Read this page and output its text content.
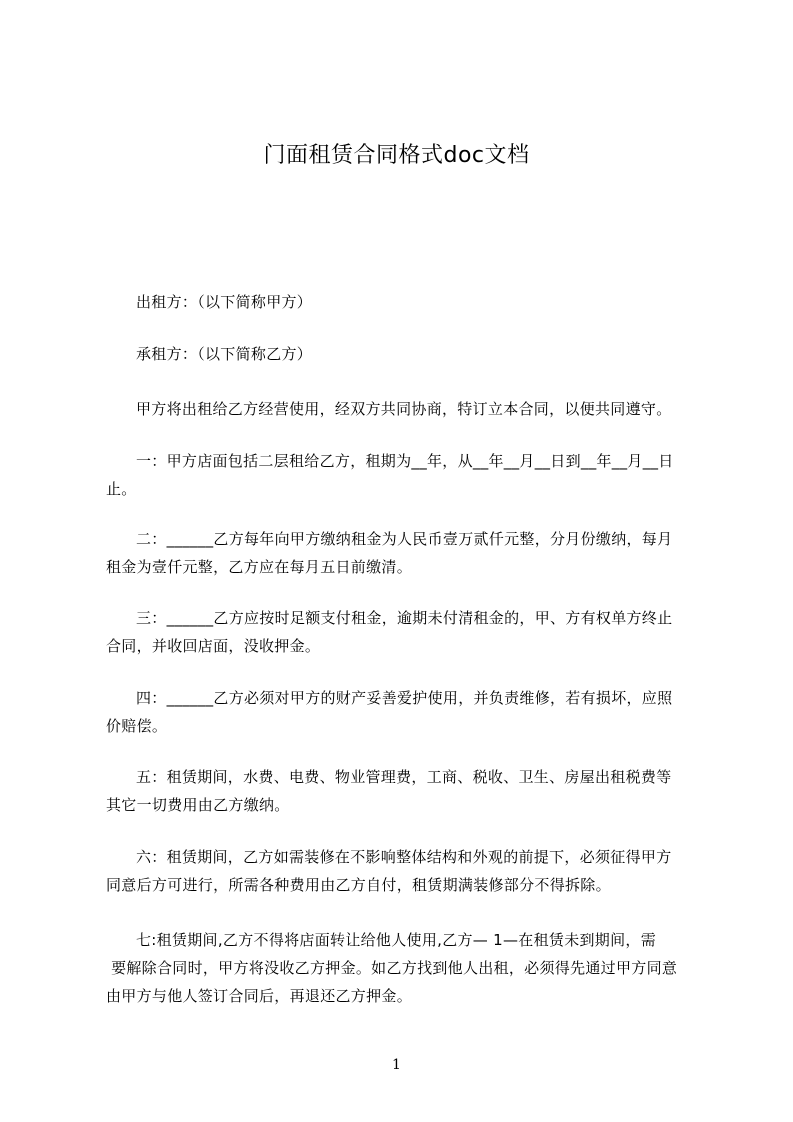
门面租赁合同格式doc文档

出租方：（以下简称甲方）

承租方：（以下简称乙方）

甲方将出租给乙方经营使用，经双方共同协商，特订立本合同，以便共同遵守。

一：甲方店面包括二层租给乙方，租期为__年，从__年__月__日到__年__月__日
止。

二：______乙方每年向甲方缴纳租金为人民币壹万贰仟元整，分月份缴纳，每月
租金为壹仟元整，乙方应在每月五日前缴清。

三：______乙方应按时足额支付租金，逾期未付清租金的，甲、方有权单方终止
合同，并收回店面，没收押金。

四：______乙方必须对甲方的财产妥善爱护使用，并负责维修，若有损坏，应照
价赔偿。

五：租赁期间，水费、电费、物业管理费，工商、税收、卫生、房屋出租税费等
其它一切费用由乙方缴纳。

六：租赁期间，乙方如需装修在不影响整体结构和外观的前提下，必须征得甲方
同意后方可进行，所需各种费用由乙方自付，租赁期满装修部分不得拆除。

七:租赁期间,乙方不得将店面转让给他人使用,乙方— 1—在租赁未到期间，需
要解除合同时，甲方将没收乙方押金。如乙方找到他人出租，必须得先通过甲方同意
由甲方与他人签订合同后，再退还乙方押金。

1
